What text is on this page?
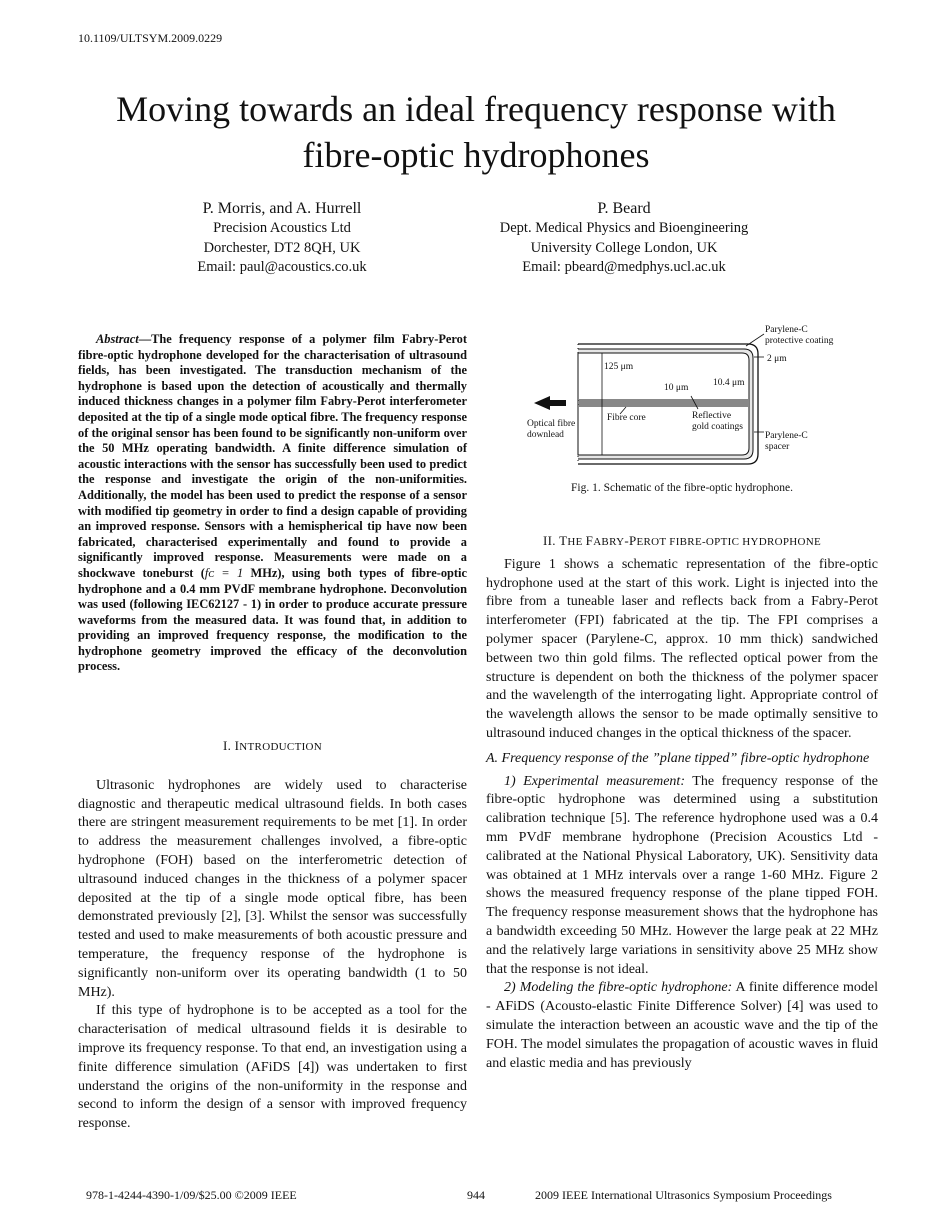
10.1109/ULTSYM.2009.0229
Moving towards an ideal frequency response with
fibre-optic hydrophones
P. Morris, and A. Hurrell
Precision Acoustics Ltd
Dorchester, DT2 8QH, UK
Email: paul@acoustics.co.uk
P. Beard
Dept. Medical Physics and Bioengineering
University College London, UK
Email: pbeard@medphys.ucl.ac.uk

Abstract—The frequency response of a polymer film Fabry-Perot fibre-optic hydrophone developed for the characterisation of ultrasound fields, has been investigated. The transduction mechanism of the hydrophone is based upon the detection of acoustically and thermally induced thickness changes in a polymer film Fabry-Perot interferometer deposited at the tip of a single mode optical fibre. The frequency response of the original sensor has been found to be significantly non-uniform over the 50 MHz operating bandwidth. A finite difference simulation of acoustic interactions with the sensor has successfully been used to predict the response and investigate the origin of the non-uniformities. Additionally, the model has been used to predict the response of a sensor with modified tip geometry in order to find a design capable of providing an improved response. Sensors with a hemispherical tip have now been fabricated, characterised experimentally and found to provide a significantly improved response. Measurements were made on a shockwave toneburst (fᴄ = 1 MHz), using both types of fibre-optic hydrophone and a 0.4 mm PVdF membrane hydrophone. Deconvolution was used (following IEC62127 - 1) in order to produce accurate pressure waveforms from the measured data. It was found that, in addition to providing an improved frequency response, the modification to the hydrophone geometry improved the efficacy of the deconvolution process.

I. INTRODUCTION

Ultrasonic hydrophones are widely used to characterise diagnostic and therapeutic medical ultrasound fields. In both cases there are stringent measurement requirements to be met [1]. In order to address the measurement challenges involved, a fibre-optic hydrophone (FOH) based on the interferometric detection of ultrasound induced changes in the thickness of a polymer spacer deposited at the tip of a single mode optical fibre, has been demonstrated previously [2], [3]. Whilst the sensor was successfully tested and used to make measurements of both acoustic pressure and temperature, the frequency response of the hydrophone is significantly non-uniform over its operating bandwidth (1 to 50 MHz).

If this type of hydrophone is to be accepted as a tool for the characterisation of medical ultrasound fields it is desirable to improve its frequency response. To that end, an investigation using a finite difference simulation (AFiDS [4]) was undertaken to first understand the origins of the non-uniformity in the response and second to inform the design of a sensor with improved frequency response.

Parylene-C
protective coating
2 μm
125 μm
10 μm	10.4 μm
Optical fibre
downlead
Fibre core	Reflective
gold coatings
Parylene-C
spacer
Fig. 1. Schematic of the fibre-optic hydrophone.

II. THE FABRY-PEROT FIBRE-OPTIC HYDROPHONE

Figure 1 shows a schematic representation of the fibre-optic hydrophone used at the start of this work. Light is injected into the fibre from a tuneable laser and reflects back from a Fabry-Perot interferometer (FPI) fabricated at the tip. The FPI comprises a polymer spacer (Parylene-C, approx. 10 mm thick) sandwiched between two thin gold films. The reflected optical power from the structure is dependent on both the thickness of the polymer spacer and the wavelength of the interrogating light. Appropriate control of the wavelength allows the sensor to be made optimally sensitive to ultrasound induced changes in the optical thickness of the spacer.

A. Frequency response of the ”plane tipped” fibre-optic hydrophone

1) Experimental measurement: The frequency response of the fibre-optic hydrophone was determined using a substitution calibration technique [5]. The reference hydrophone used was a 0.4 mm PVdF membrane hydrophone (Precision Acoustics Ltd - calibrated at the National Physical Laboratory, UK). Sensitivity data was obtained at 1 MHz intervals over a range 1-60 MHz. Figure 2 shows the measured frequency response of the plane tipped FOH. The frequency response measurement shows that the hydrophone has a bandwidth exceeding 50 MHz. However the large peak at 22 MHz and the relatively large variations in sensitivity above 25 MHz show that the response is not ideal.

2) Modeling the fibre-optic hydrophone: A finite difference model - AFiDS (Acousto-elastic Finite Difference Solver) [4] was used to simulate the interaction between an acoustic wave and the tip of the FOH. The model simulates the propagation of acoustic waves in fluid and elastic media and has previously

978-1-4244-4390-1/09/$25.00 ©2009 IEEE	944	2009 IEEE International Ultrasonics Symposium Proceedings
